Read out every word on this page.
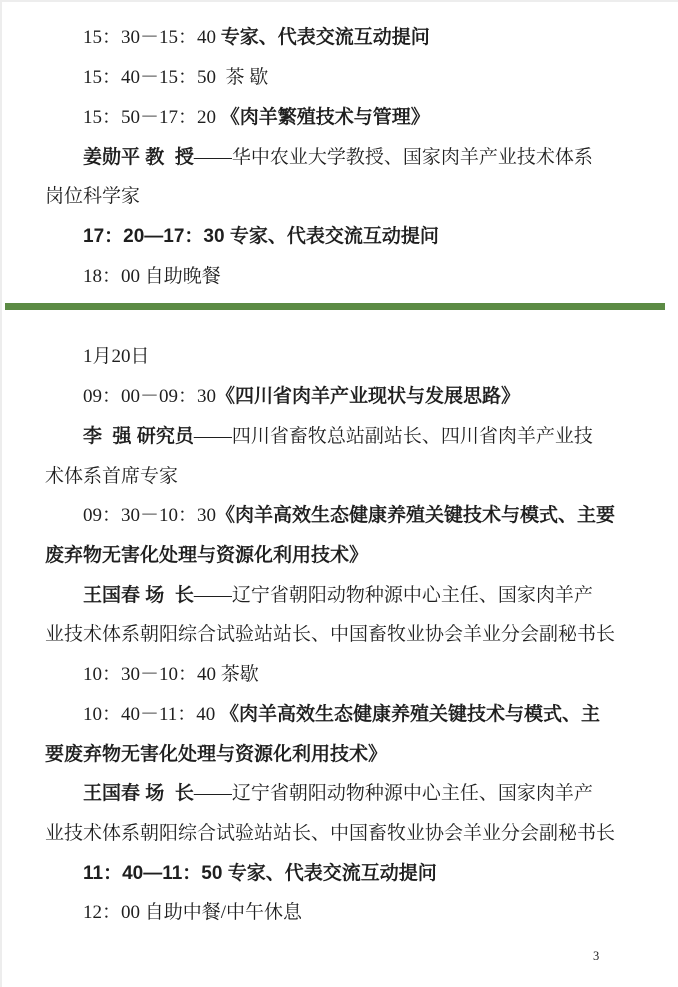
15：30－15：40 专家、代表交流互动提问
15：40－15：50  茶 歇
15：50－17：20 《肉羊繁殖技术与管理》
姜勋平 教  授 ——华中农业大学教授、国家肉羊产业技术体系
岗位科学家
17：20—17：30 专家、代表交流互动提问
18：00 自助晚餐
1月20日
09：00－09：30 《四川省肉羊产业现状与发展思路》
李  强 研究员 ——四川省畜牧总站副站长、四川省肉羊产业技
术体系首席专家
09：30－10：30 《肉羊高效生态健康养殖关键技术与模式、主要
废弃物无害化处理与资源化利用技术》
王国春 场  长 ——辽宁省朝阳动物种源中心主任、国家肉羊产
业技术体系朝阳综合试验站站长、中国畜牧业协会羊业分会副秘书长
10：30－10：40 茶歇
10：40－11：40 《肉羊高效生态健康养殖关键技术与模式、主
要废弃物无害化处理与资源化利用技术》
王国春 场  长 ——辽宁省朝阳动物种源中心主任、国家肉羊产
业技术体系朝阳综合试验站站长、中国畜牧业协会羊业分会副秘书长
11：40—11：50 专家、代表交流互动提问
12：00 自助中餐/中午休息
3
